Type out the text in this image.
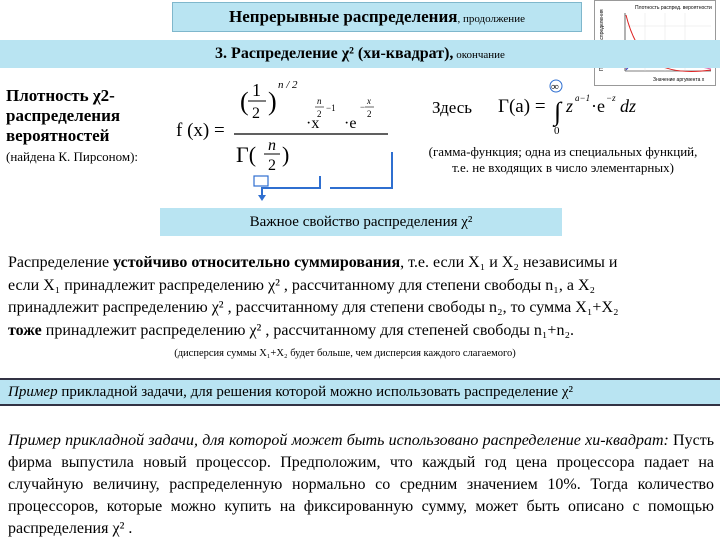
Непрерывные распределения, продолжение
Плотность распред. вероятности
Значение аргумента х
3. Распределение χ² (хи-квадрат), окончание
Плотность χ2-
распределения
вероятностей
(найдена К. Пирсоном):
f (x) =
1
( 2 )
n / 2
·x
n
2
−1
·e
−
x
2
Γ( n
2 )
Здесь Γ(a) =
∞
∫
0
z a−1 ·e −z dz
(гамма-функция; одна из специальных функций,
т.е. не входящих в число элементарных)
Важное свойство распределения χ²
Распределение устойчиво относительно суммирования, т.е. если X₁ и X₂ независимы и
если X₁ принадлежит распределению χ² , рассчитанному для степени свободы n₁, а X₂
принадлежит распределению χ² , рассчитанному для степени свободы n₂, то сумма X₁+X₂
тоже принадлежит распределению χ² , рассчитанному для степеней свободы n₁+n₂.
(дисперсия суммы X₁+X₂ будет больше, чем дисперсия каждого слагаемого)
Пример прикладной задачи, для решения которой можно использовать распределение χ²
Пример прикладной задачи, для которой может быть использовано распределение хи-квадрат: Пусть фирма выпустила новый процессор. Предположим, что каждый год цена процессора падает на случайную величину, распределенную нормально со средним значением 10%. Тогда количество процессоров, которые можно купить на фиксированную сумму, может быть описано с помощью распределения χ² .
